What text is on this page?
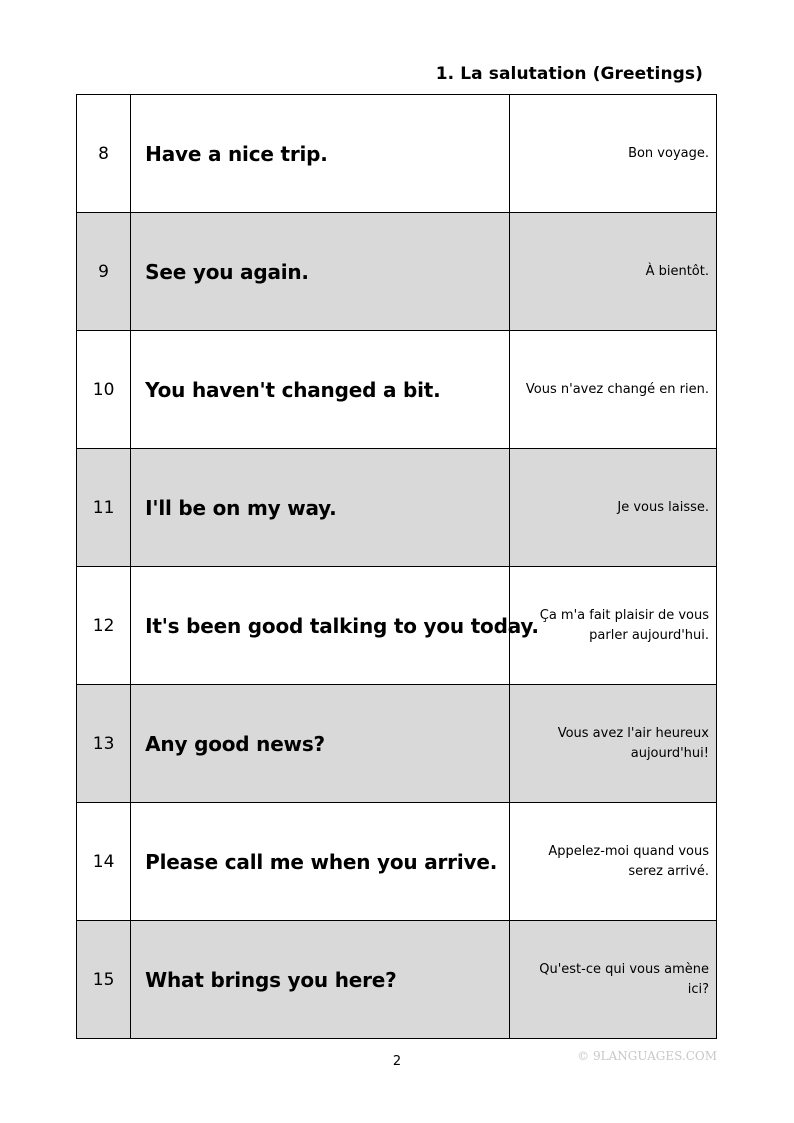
1. La salutation (Greetings)
8	Have a nice trip.	Bon voyage.
9	See you again.	À bientôt.
10	You haven't changed a bit.	Vous n'avez changé en rien.
11	I'll be on my way.	Je vous laisse.
12	It's been good talking to you today.	Ça m'a fait plaisir de vous parler aujourd'hui.
13	Any good news?	Vous avez l'air heureux aujourd'hui!
14	Please call me when you arrive.	Appelez-moi quand vous serez arrivé.
15	What brings you here?	Qu'est-ce qui vous amène ici?
2	© 9LANGUAGES.COM
